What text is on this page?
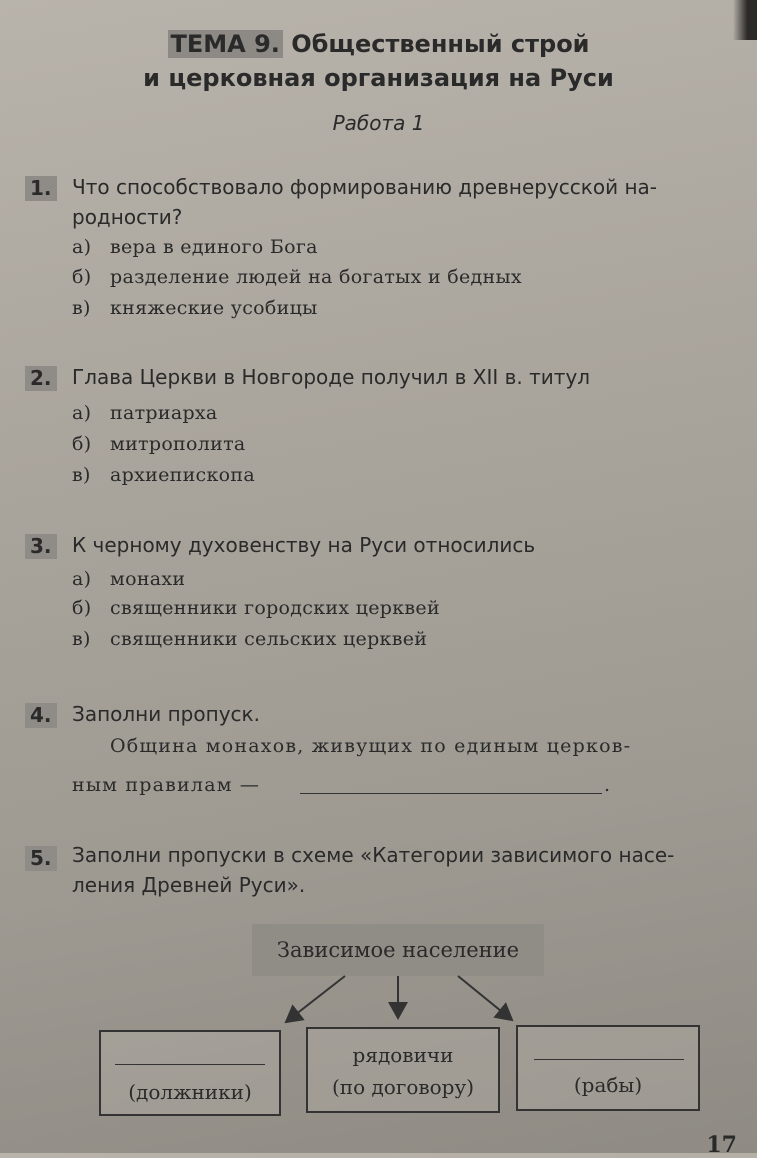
ТЕМА 9. Общественный строй
и церковная организация на Руси
Работа 1
1. Что способствовало формированию древнерусской на-
родности?
а) вера в единого Бога
б) разделение людей на богатых и бедных
в) княжеские усобицы
2. Глава Церкви в Новгороде получил в XII в. титул
а) патриарха
б) митрополита
в) архиепископа
3. К черному духовенству на Руси относились
а) монахи
б) священники городских церквей
в) священники сельских церквей
4. Заполни пропуск.
Община монахов, живущих по единым церков-
ным правилам —	.
5. Заполни пропуски в схеме «Категории зависимого насе-
ления Древней Руси».
Зависимое население
(должники)
рядовичи
(по договору)	(рабы)
17
